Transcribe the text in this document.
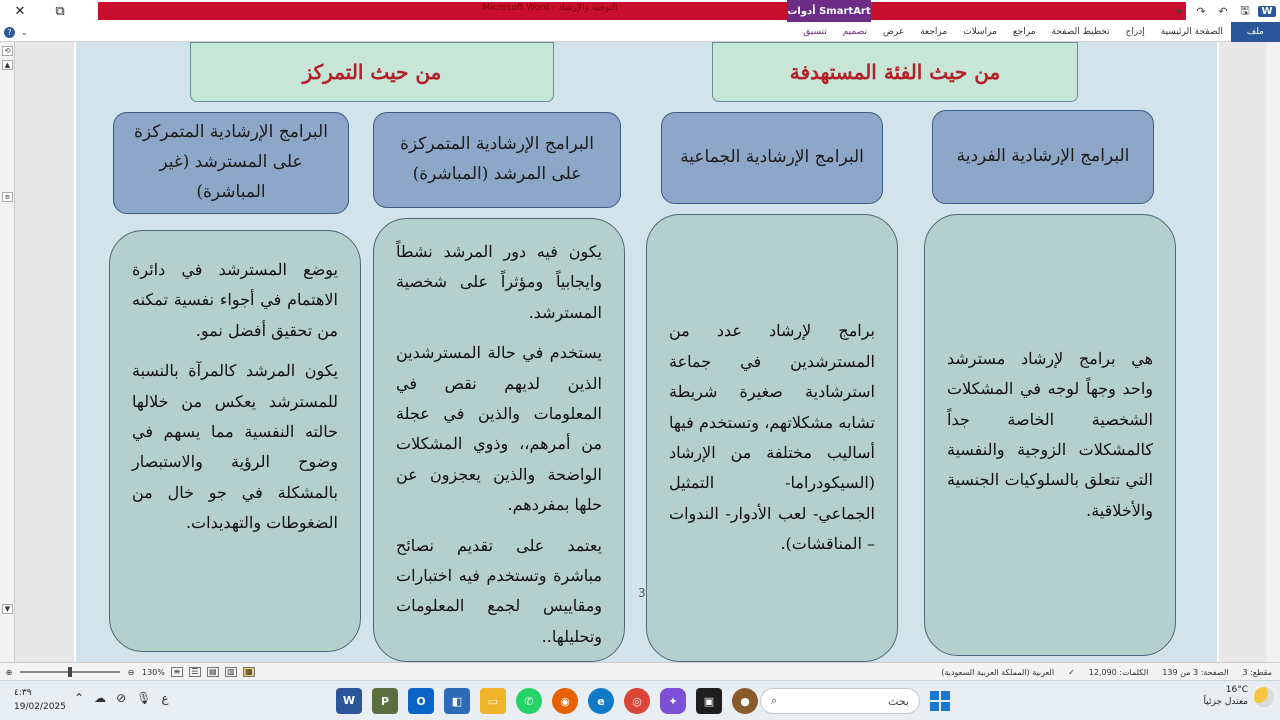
✕	⧉	التوجيه والإرشاد - Microsoft Word	أدوات SmartArt	▾	↷	↶	🖫	W
?	⌄	ملف
الصفحة الرئيسية
إدراج
تخطيط الصفحة
مراجع
مراسلات
مراجعة
عرض
تصميم
تنسيق
⟲
▲
≡
▼
من حيث التمركز	من حيث الفئة المستهدفة
البرامج الإرشادية المتمركزة على المسترشد (غير المباشرة)
البرامج الإرشادية المتمركزة على المرشد (المباشرة)
البرامج الإرشادية الجماعية	البرامج الإرشادية الفردية

يوضع المسترشد في دائرة الاهتمام في أجواء نفسية تمكنه من تحقيق أفضل نمو.

يكون المرشد كالمرآة بالنسبة للمسترشد يعكس من خلالها حالته النفسية مما يسهم في وضوح الرؤية والاستبصار بالمشكلة في جو خال من الضغوطات والتهديدات.

يكون فيه دور المرشد نشطاً وايجابياً ومؤثراً على شخصية المسترشد.

يستخدم في حالة المسترشدين الذين لديهم نقص في المعلومات والذين في عجلة من أمرهم،، وذوي المشكلات الواضحة والذين يعجزون عن حلها بمفردهم.

يعتمد على تقديم نصائح مباشرة وتستخدم فيه اختبارات ومقاييس لجمع المعلومات وتحليلها..

برامج لإرشاد عدد من المسترشدين في جماعة استرشادية صغيرة شريطة تشابه مشكلاتهم، وتستخدم فيها أساليب مختلفة من الإرشاد (السيكودراما- التمثيل الجماعي- لعب الأدوار- الندوات – المناقشات).

هي برامج لإرشاد مسترشد واحد وجهاً لوجه في المشكلات الشخصية الخاصة جداً كالمشكلات الزوجية والنفسية التي تتعلق بالسلوكيات الجنسية والأخلاقية.

3
⊕	⊖ 130%	≡	☰	▤ ▥ ▦	مقطع: 3
الصفحة: 3 من 139
الكلمات: 12,090
✓
العربية (المملكة العربية السعودية)
16°C
معتدل جزئياً
بحث
⌕
W	P	O	◧	▭	✆	◉	e	◎	✦	▣	●
⌃ ☁ ⊘ 🎙 ع
٤:٣٩
19/02/2025
